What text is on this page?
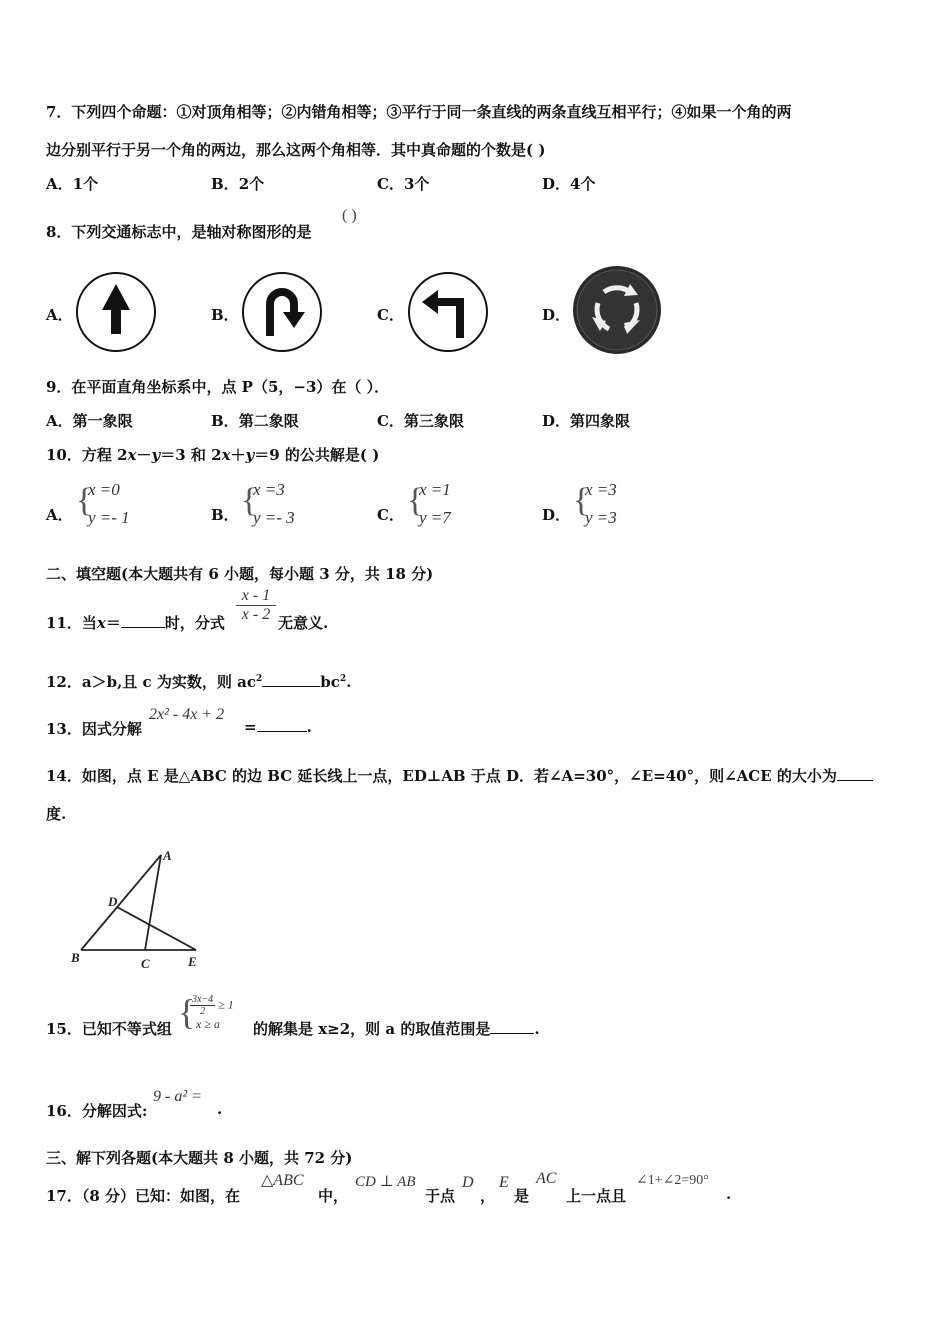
7．下列四个命题：①对顶角相等；②内错角相等；③平行于同一条直线的两条直线互相平行；④如果一个角的两
边分别平行于另一个角的两边，那么这两个角相等．其中真命题的个数是( )
A．1个	B．2个	C．3个	D．4个
8．下列交通标志中，是轴对称图形的是
( )
A．	B．	C．	D．
9．在平面直角坐标系中，点 P（5，−3）在（ ）．
A．第一象限	B．第二象限	C．第三象限	D．第四象限
10．方程 2x－y＝3 和 2x＋y＝9 的公共解是( )
A． {
x =0
y =- 1	B． {
x =3
y =- 3	C． {
x =1
y =7	D． {
x =3
y =3
二、填空题(本大题共有 6 小题，每小题 3 分，共 18 分)
11．当x＝	时，分式
x - 1
x - 2 无意义.
12．a＞b,且 c 为实数，则 $ac^2$	$bc^2$.
13．因式分解
2x² - 4x + 2
=	.
14．如图，点 E 是△ABC 的边 BC 延长线上一点，ED⊥AB 于点 D．若∠A=30°，∠E=40°，则∠ACE 的大小为
度.
A
D
B	C	E
15．已知不等式组 {
$\frac{3x-4}{2} \ge 1$
x ≥ a	的解集是 x≥2，则 a 的取值范围是	.
16．分解因式:
9 - a² =
.
三、解下列各题(本大题共 8 小题，共 72 分)
17．（8 分）已知：如图，在
△ABC
中，
CD ⊥ AB
于点
D
，
E
是
AC
上一点且
∠1+∠2=90°
.
